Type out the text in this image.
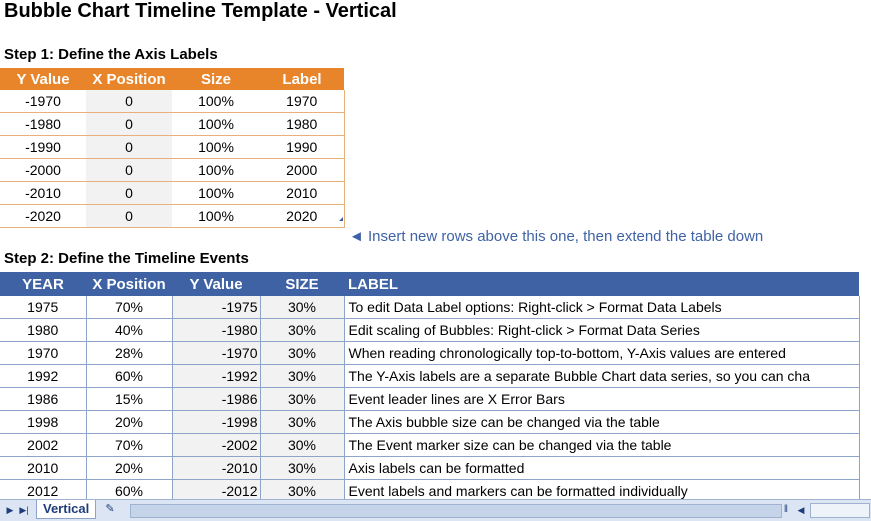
Bubble Chart Timeline Template - Vertical
Step 1: Define the Axis Labels
Y Value	X Position	Size	Label
-1970	0	100%	1970
-1980	0	100%	1980
-1990	0	100%	1990
-2000	0	100%	2000
-2010	0	100%	2010
-2020	0	100%	2020
◄ Insert new rows above this one, then extend the table down
Step 2: Define the Timeline Events
YEAR	X Position	Y Value	SIZE	LABEL
1975	70%	-1975	30%	To edit Data Label options: Right-click > Format Data Labels
1980	40%	-1980	30%	Edit scaling of Bubbles: Right-click > Format Data Series
1970	28%	-1970	30%	When reading chronologically top-to-bottom, Y-Axis values are entered
1992	60%	-1992	30%	The Y-Axis labels are a separate Bubble Chart data series, so you can cha
1986	15%	-1986	30%	Event leader lines are X Error Bars
1998	20%	-1998	30%	The Axis bubble size can be changed via the table
2002	70%	-2002	30%	The Event marker size can be changed via the table
2010	20%	-2010	30%	Axis labels can be formatted
2012	60%	-2012	30%	Event labels and markers can be formatted individually
▶ ▶|	Vertical	✎	‖ ◀
